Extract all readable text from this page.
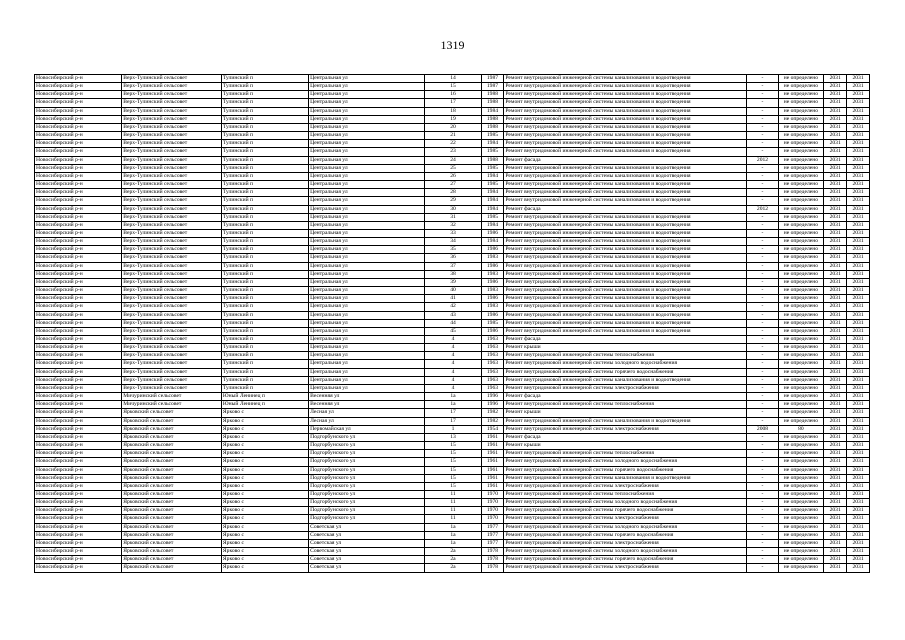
1319
Новосибирский р-н	Верх-Тулинский сельсовет	Тулинский п	Центральная ул	14	1987	Ремонт внутридомовой инженерной системы канализования и водоотведения	-	не определено	2031	2031
Новосибирский р-н	Верх-Тулинский сельсовет	Тулинский п	Центральная ул	15	1987	Ремонт внутридомовой инженерной системы канализования и водоотведения	-	не определено	2031	2031
Новосибирский р-н	Верх-Тулинский сельсовет	Тулинский п	Центральная ул	16	1988	Ремонт внутридомовой инженерной системы канализования и водоотведения	-	не определено	2031	2031
Новосибирский р-н	Верх-Тулинский сельсовет	Тулинский п	Центральная ул	17	1988	Ремонт внутридомовой инженерной системы канализования и водоотведения	-	не определено	2031	2031
Новосибирский р-н	Верх-Тулинский сельсовет	Тулинский п	Центральная ул	18	1984	Ремонт внутридомовой инженерной системы канализования и водоотведения	-	не определено	2031	2031
Новосибирский р-н	Верх-Тулинский сельсовет	Тулинский п	Центральная ул	19	1988	Ремонт внутридомовой инженерной системы канализования и водоотведения	-	не определено	2031	2031
Новосибирский р-н	Верх-Тулинский сельсовет	Тулинский п	Центральная ул	20	1988	Ремонт внутридомовой инженерной системы канализования и водоотведения	-	не определено	2031	2031
Новосибирский р-н	Верх-Тулинский сельсовет	Тулинский п	Центральная ул	21	1985	Ремонт внутридомовой инженерной системы канализования и водоотведения	-	не определено	2031	2031
Новосибирский р-н	Верх-Тулинский сельсовет	Тулинский п	Центральная ул	22	1984	Ремонт внутридомовой инженерной системы канализования и водоотведения	-	не определено	2031	2031
Новосибирский р-н	Верх-Тулинский сельсовет	Тулинский п	Центральная ул	23	1985	Ремонт внутридомовой инженерной системы канализования и водоотведения	-	не определено	2031	2031
Новосибирский р-н	Верх-Тулинский сельсовет	Тулинский п	Центральная ул	24	1988	Ремонт фасада	2012	не определено	2031	2031
Новосибирский р-н	Верх-Тулинский сельсовет	Тулинский п	Центральная ул	25	1985	Ремонт внутридомовой инженерной системы канализования и водоотведения	-	не определено	2031	2031
Новосибирский р-н	Верх-Тулинский сельсовет	Тулинский п	Центральная ул	26	1984	Ремонт внутридомовой инженерной системы канализования и водоотведения	-	не определено	2031	2031
Новосибирский р-н	Верх-Тулинский сельсовет	Тулинский п	Центральная ул	27	1985	Ремонт внутридомовой инженерной системы канализования и водоотведения	-	не определено	2031	2031
Новосибирский р-н	Верх-Тулинский сельсовет	Тулинский п	Центральная ул	28	1984	Ремонт внутридомовой инженерной системы канализования и водоотведения	-	не определено	2031	2031
Новосибирский р-н	Верх-Тулинский сельсовет	Тулинский п	Центральная ул	29	1984	Ремонт внутридомовой инженерной системы канализования и водоотведения	-	не определено	2031	2031
Новосибирский р-н	Верх-Тулинский сельсовет	Тулинский п	Центральная ул	30	1984	Ремонт фасада	2012	не определено	2031	2031
Новосибирский р-н	Верх-Тулинский сельсовет	Тулинский п	Центральная ул	31	1985	Ремонт внутридомовой инженерной системы канализования и водоотведения	-	не определено	2031	2031
Новосибирский р-н	Верх-Тулинский сельсовет	Тулинский п	Центральная ул	32	1984	Ремонт внутридомовой инженерной системы канализования и водоотведения	-	не определено	2031	2031
Новосибирский р-н	Верх-Тулинский сельсовет	Тулинский п	Центральная ул	33	1986	Ремонт внутридомовой инженерной системы канализования и водоотведения	-	не определено	2031	2031
Новосибирский р-н	Верх-Тулинский сельсовет	Тулинский п	Центральная ул	34	1984	Ремонт внутридомовой инженерной системы канализования и водоотведения	-	не определено	2031	2031
Новосибирский р-н	Верх-Тулинский сельсовет	Тулинский п	Центральная ул	35	1986	Ремонт внутридомовой инженерной системы канализования и водоотведения	-	не определено	2031	2031
Новосибирский р-н	Верх-Тулинский сельсовет	Тулинский п	Центральная ул	36	1983	Ремонт внутридомовой инженерной системы канализования и водоотведения	-	не определено	2031	2031
Новосибирский р-н	Верх-Тулинский сельсовет	Тулинский п	Центральная ул	37	1986	Ремонт внутридомовой инженерной системы канализования и водоотведения	-	не определено	2031	2031
Новосибирский р-н	Верх-Тулинский сельсовет	Тулинский п	Центральная ул	38	1983	Ремонт внутридомовой инженерной системы канализования и водоотведения	-	не определено	2031	2031
Новосибирский р-н	Верх-Тулинский сельсовет	Тулинский п	Центральная ул	39	1986	Ремонт внутридомовой инженерной системы канализования и водоотведения	-	не определено	2031	2031
Новосибирский р-н	Верх-Тулинский сельсовет	Тулинский п	Центральная ул	40	1983	Ремонт внутридомовой инженерной системы канализования и водоотведения	-	не определено	2031	2031
Новосибирский р-н	Верх-Тулинский сельсовет	Тулинский п	Центральная ул	41	1986	Ремонт внутридомовой инженерной системы канализования и водоотведения	-	не определено	2031	2031
Новосибирский р-н	Верх-Тулинский сельсовет	Тулинский п	Центральная ул	42	1983	Ремонт внутридомовой инженерной системы канализования и водоотведения	-	не определено	2031	2031
Новосибирский р-н	Верх-Тулинский сельсовет	Тулинский п	Центральная ул	43	1986	Ремонт внутридомовой инженерной системы канализования и водоотведения	-	не определено	2031	2031
Новосибирский р-н	Верх-Тулинский сельсовет	Тулинский п	Центральная ул	44	1985	Ремонт внутридомовой инженерной системы канализования и водоотведения	-	не определено	2031	2031
Новосибирский р-н	Верх-Тулинский сельсовет	Тулинский п	Центральная ул	45	1986	Ремонт внутридомовой инженерной системы канализования и водоотведения	-	не определено	2031	2031
Новосибирский р-н	Верх-Тулинский сельсовет	Тулинский п	Центральная ул	4	1963	Ремонт фасада	-	не определено	2031	2031
Новосибирский р-н	Верх-Тулинский сельсовет	Тулинский п	Центральная ул	4	1963	Ремонт крыши	-	не определено	2031	2031
Новосибирский р-н	Верх-Тулинский сельсовет	Тулинский п	Центральная ул	4	1963	Ремонт внутридомовой инженерной системы теплоснабжения	-	не определено	2031	2031
Новосибирский р-н	Верх-Тулинский сельсовет	Тулинский п	Центральная ул	4	1963	Ремонт внутридомовой инженерной системы холодного водоснабжения	-	не определено	2031	2031
Новосибирский р-н	Верх-Тулинский сельсовет	Тулинский п	Центральная ул	4	1963	Ремонт внутридомовой инженерной системы горячего водоснабжения	-	не определено	2031	2031
Новосибирский р-н	Верх-Тулинский сельсовет	Тулинский п	Центральная ул	4	1963	Ремонт внутридомовой инженерной системы канализования и водоотведения	-	не определено	2031	2031
Новосибирский р-н	Верх-Тулинский сельсовет	Тулинский п	Центральная ул	4	1963	Ремонт внутридомовой инженерной системы электроснабжения	-	не определено	2031	2031
Новосибирский р-н	Мичуринский сельсовет	Юный Ленинец п	Весенняя ул	1а	1996	Ремонт фасада	-	не определено	2031	2031
Новосибирский р-н	Мичуринский сельсовет	Юный Ленинец п	Весенняя ул	1а	1996	Ремонт внутридомовой инженерной системы теплоснабжения	-	не определено	2031	2031
Новосибирский р-н	Ярковский сельсовет	Ярково с	Лесная ул	17	1982	Ремонт крыши	-	не определено	2031	2031
Новосибирский р-н	Ярковский сельсовет	Ярково с	Лесная ул	17	1982	Ремонт внутридомовой инженерной системы канализования и водоотведения	-	не определено	2031	2031
Новосибирский р-н	Ярковский сельсовет	Ярково с	Первомайская ул	1	1954	Ремонт внутридомовой инженерной системы электроснабжения	2008	80	2031	2031
Новосибирский р-н	Ярковский сельсовет	Ярково с	Подгорбунского ул	13	1961	Ремонт фасада	-	не определено	2031	2031
Новосибирский р-н	Ярковский сельсовет	Ярково с	Подгорбунского ул	15	1961	Ремонт крыши	-	не определено	2031	2031
Новосибирский р-н	Ярковский сельсовет	Ярково с	Подгорбунского ул	15	1961	Ремонт внутридомовой инженерной системы теплоснабжения	-	не определено	2031	2031
Новосибирский р-н	Ярковский сельсовет	Ярково с	Подгорбунского ул	15	1961	Ремонт внутридомовой инженерной системы холодного водоснабжения	-	не определено	2031	2031
Новосибирский р-н	Ярковский сельсовет	Ярково с	Подгорбунского ул	15	1961	Ремонт внутридомовой инженерной системы горячего водоснабжения	-	не определено	2031	2031
Новосибирский р-н	Ярковский сельсовет	Ярково с	Подгорбунского ул	15	1961	Ремонт внутридомовой инженерной системы канализования и водоотведения	-	не определено	2031	2031
Новосибирский р-н	Ярковский сельсовет	Ярково с	Подгорбунского ул	15	1961	Ремонт внутридомовой инженерной системы электроснабжения	-	не определено	2031	2031
Новосибирский р-н	Ярковский сельсовет	Ярково с	Подгорбунского ул	11	1970	Ремонт внутридомовой инженерной системы теплоснабжения	-	не определено	2031	2031
Новосибирский р-н	Ярковский сельсовет	Ярково с	Подгорбунского ул	11	1970	Ремонт внутридомовой инженерной системы холодного водоснабжения	-	не определено	2031	2031
Новосибирский р-н	Ярковский сельсовет	Ярково с	Подгорбунского ул	11	1970	Ремонт внутридомовой инженерной системы горячего водоснабжения	-	не определено	2031	2031
Новосибирский р-н	Ярковский сельсовет	Ярково с	Подгорбунского ул	11	1970	Ремонт внутридомовой инженерной системы электроснабжения	-	не определено	2031	2031
Новосибирский р-н	Ярковский сельсовет	Ярково с	Советская ул	1а	1977	Ремонт внутридомовой инженерной системы холодного водоснабжения	-	не определено	2031	2031
Новосибирский р-н	Ярковский сельсовет	Ярково с	Советская ул	1а	1977	Ремонт внутридомовой инженерной системы горячего водоснабжения	-	не определено	2031	2031
Новосибирский р-н	Ярковский сельсовет	Ярково с	Советская ул	1а	1977	Ремонт внутридомовой инженерной системы электроснабжения	-	не определено	2031	2031
Новосибирский р-н	Ярковский сельсовет	Ярково с	Советская ул	2а	1978	Ремонт внутридомовой инженерной системы холодного водоснабжения	-	не определено	2031	2031
Новосибирский р-н	Ярковский сельсовет	Ярково с	Советская ул	2а	1978	Ремонт внутридомовой инженерной системы горячего водоснабжения	-	не определено	2031	2031
Новосибирский р-н	Ярковский сельсовет	Ярково с	Советская ул	2а	1978	Ремонт внутридомовой инженерной системы электроснабжения	-	не определено	2031	2031
